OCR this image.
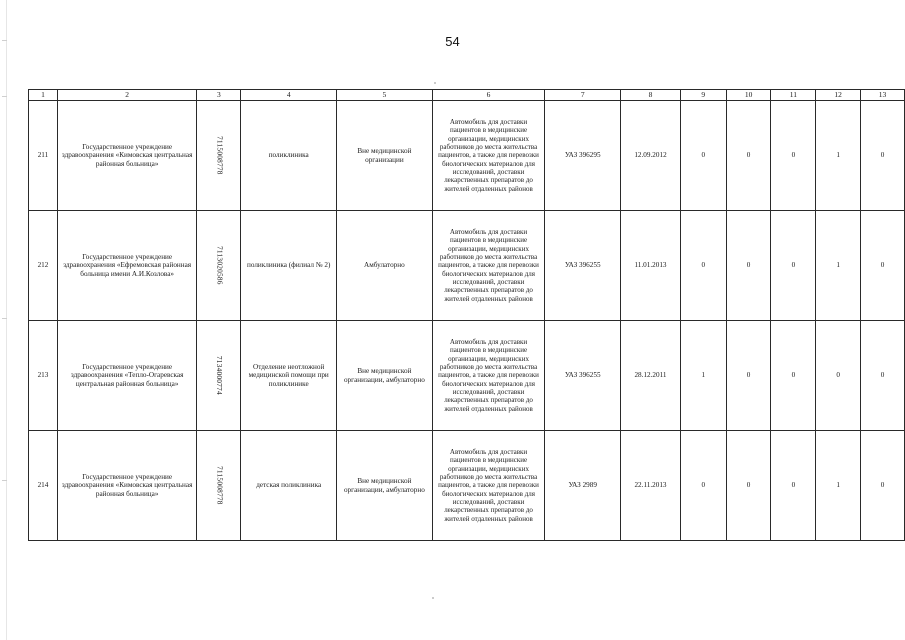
54
1	2	3	4	5	6	7	8	9	10	11	12	13
211	Государственное учреждение здравоохранения «Кимовская центральная районная больница»	7115008778	поликлиника	Вне медицинской организации	Автомобиль для доставки пациентов в медицинские организации, медицинских работников до места жительства пациентов, а также для перевозки биологических материалов для исследований, доставки лекарственных препаратов до жителей отдаленных районов	УАЗ 396295	12.09.2012	0	0	0	1	0
212	Государственное учреждение здравоохранения «Ефремовская районная больница имени А.И.Козлова»	7113020586	поликлиника (филиал № 2)	Амбулаторно	Автомобиль для доставки пациентов в медицинские организации, медицинских работников до места жительства пациентов, а также для перевозки биологических материалов для исследований, доставки лекарственных препаратов до жителей отдаленных районов	УАЗ 396255	11.01.2013	0	0	0	1	0
213	Государственное учреждение здравоохранения «Тепло-Огаревская центральная районная больница»	7134000774	Отделение неотложной медицинской помощи при поликлинике	Вне медицинской организации, амбулаторно	Автомобиль для доставки пациентов в медицинские организации, медицинских работников до места жительства пациентов, а также для перевозки биологических материалов для исследований, доставки лекарственных препаратов до жителей отдаленных районов	УАЗ 396255	28.12.2011	1	0	0	0	0
214	Государственное учреждение здравоохранения «Кимовская центральная районная больница»	7115008778	детская поликлиника	Вне медицинской организации, амбулаторно	Автомобиль для доставки пациентов в медицинские организации, медицинских работников до места жительства пациентов, а также для перевозки биологических материалов для исследований, доставки лекарственных препаратов до жителей отдаленных районов	УАЗ 2989	22.11.2013	0	0	0	1	0
